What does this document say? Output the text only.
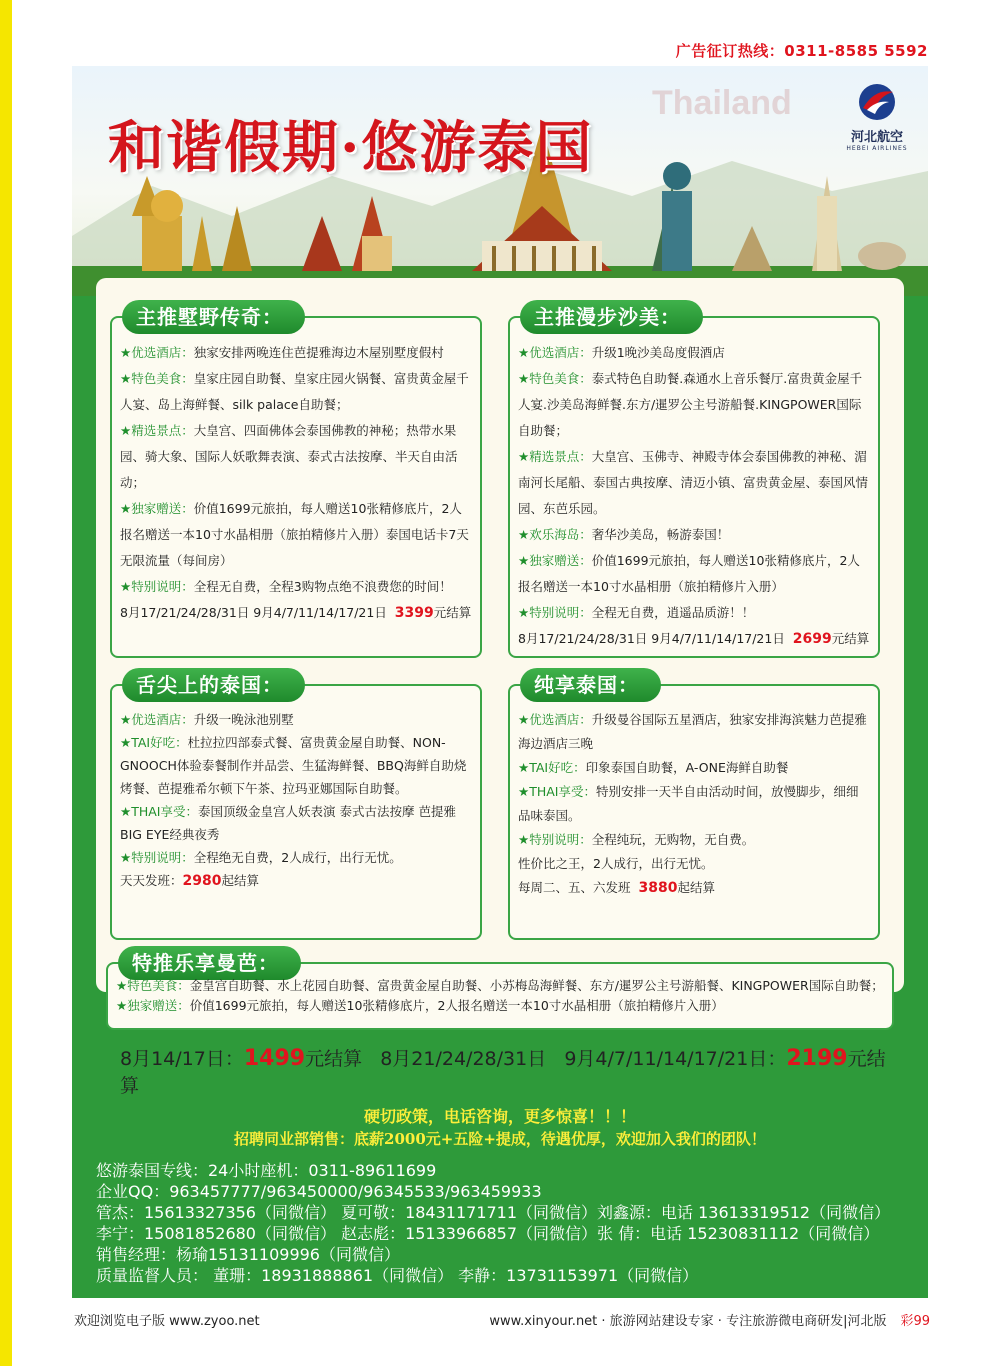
广告征订热线：0311-8585 5592
和谐假期·悠游泰国
Thailand
河北航空
HEBEI AIRLINES
主推墅野传奇：
★优选酒店：独家安排两晚连住芭提雅海边木屋别墅度假村
★特色美食：皇家庄园自助餐、皇家庄园火锅餐、富贵黄金屋千人宴、岛上海鲜餐、silk palace自助餐；
★精选景点：大皇宫、四面佛体会泰国佛教的神秘；热带水果园、骑大象、国际人妖歌舞表演、泰式古法按摩、半天自由活动；
★独家赠送：价值1699元旅拍，每人赠送10张精修底片，2人报名赠送一本10寸水晶相册（旅拍精修片入册）泰国电话卡7天无限流量（每间房）
★特别说明：全程无自费，全程3购物点绝不浪费您的时间！
8月17/21/24/28/31日 9月4/7/11/14/17/21日 3399元结算
主推漫步沙美：
★优选酒店：升级1晚沙美岛度假酒店
★特色美食：泰式特色自助餐.森通水上音乐餐厅.富贵黄金屋千人宴.沙美岛海鲜餐.东方/暹罗公主号游船餐.KINGPOWER国际自助餐；
★精选景点：大皇宫、玉佛寺、神殿寺体会泰国佛教的神秘、湄南河长尾船、泰国古典按摩、清迈小镇、富贵黄金屋、泰国风情园、东芭乐园。
★欢乐海岛：奢华沙美岛，畅游泰国！
★独家赠送：价值1699元旅拍，每人赠送10张精修底片，2人报名赠送一本10寸水晶相册（旅拍精修片入册）
★特别说明：全程无自费，逍遥品质游！！
8月17/21/24/28/31日 9月4/7/11/14/17/21日 2699元结算
舌尖上的泰国：
★优选酒店：升级一晚泳池别墅
★TAI好吃：杜拉拉四部泰式餐、富贵黄金屋自助餐、NON-GNOOCH体验泰餐制作并品尝、生猛海鲜餐、BBQ海鲜自助烧烤餐、芭提雅希尔顿下午茶、拉玛亚娜国际自助餐。
★THAI享受：泰国顶级金皇宫人妖表演 泰式古法按摩 芭提雅BIG EYE经典夜秀
★特别说明：全程绝无自费，2人成行，出行无忧。
天天发班：2980起结算
纯享泰国：
★优选酒店：升级曼谷国际五星酒店，独家安排海滨魅力芭提雅海边酒店三晚
★TAI好吃：印象泰国自助餐，A-ONE海鲜自助餐
★THAI享受：特别安排一天半自由活动时间，放慢脚步，细细品味泰国。
★特别说明：全程纯玩，无购物，无自费。
性价比之王，2人成行，出行无忧。
每周二、五、六发班 3880起结算
特推乐享曼芭：
★特色美食：金皇宫自助餐、水上花园自助餐、富贵黄金屋自助餐、小苏梅岛海鲜餐、东方/暹罗公主号游船餐、KINGPOWER国际自助餐；
★独家赠送：价值1699元旅拍，每人赠送10张精修底片，2人报名赠送一本10寸水晶相册（旅拍精修片入册）
8月14/17日：1499元结算 8月21/24/28/31日 9月4/7/11/14/17/21日：2199元结算
硬切政策，电话咨询，更多惊喜！！！
招聘同业部销售：底薪2000元+五险+提成，待遇优厚，欢迎加入我们的团队！
悠游泰国专线：24小时座机：0311-89611699
企业QQ：963457777/963450000/96345533/963459933
管杰：15613327356（同微信） 夏可敬：18431171711（同微信）刘鑫源：电话 13613319512（同微信）
李宁：15081852680（同微信） 赵志彪：15133966857（同微信）张 倩：电话 15230831112（同微信）
销售经理：杨瑜15131109996（同微信）
质量监督人员： 董珊：18931888861（同微信） 李静：13731153971（同微信）
欢迎浏览电子版 www.zyoo.net	www.xinyour.net · 旅游网站建设专家 · 专注旅游微电商研发|河北版 彩99
